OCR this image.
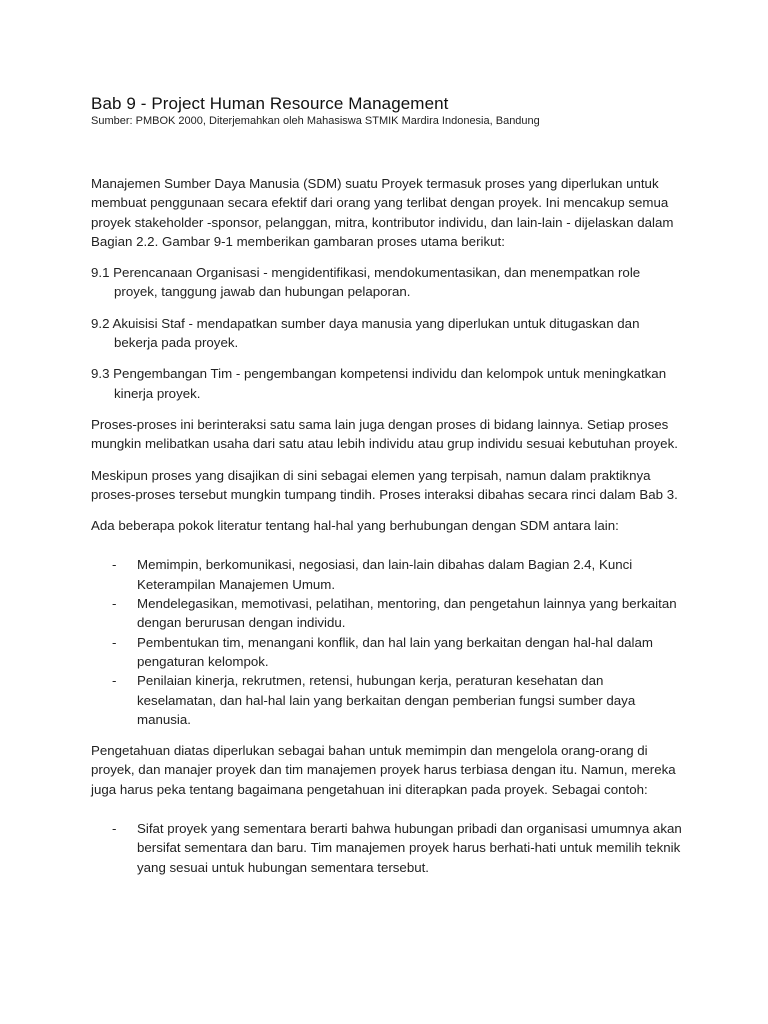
Bab 9 - Project Human Resource Management

Sumber: PMBOK 2000, Diterjemahkan oleh Mahasiswa STMIK Mardira Indonesia, Bandung

Manajemen Sumber Daya Manusia (SDM) suatu Proyek termasuk proses yang diperlukan untuk membuat penggunaan secara efektif dari orang yang terlibat dengan proyek. Ini mencakup semua proyek stakeholder -sponsor, pelanggan, mitra, kontributor individu, dan lain-lain - dijelaskan dalam Bagian 2.2. Gambar 9-1 memberikan gambaran proses utama berikut:

9.1 Perencanaan Organisasi - mengidentifikasi, mendokumentasikan, dan menempatkan role proyek, tanggung jawab dan hubungan pelaporan.

9.2 Akuisisi Staf - mendapatkan sumber daya manusia yang diperlukan untuk ditugaskan dan bekerja pada proyek.

9.3 Pengembangan Tim - pengembangan kompetensi individu dan kelompok untuk meningkatkan kinerja proyek.

Proses-proses ini berinteraksi satu sama lain juga dengan proses di bidang lainnya. Setiap proses mungkin melibatkan usaha dari satu atau lebih individu atau grup individu sesuai kebutuhan proyek.

Meskipun proses yang disajikan di sini sebagai elemen yang terpisah, namun dalam praktiknya proses-proses tersebut mungkin tumpang tindih. Proses interaksi dibahas secara rinci dalam Bab 3.

Ada beberapa pokok literatur tentang hal-hal yang berhubungan dengan SDM antara lain:

- Memimpin, berkomunikasi, negosiasi, dan lain-lain dibahas dalam Bagian 2.4, Kunci Keterampilan Manajemen Umum.
- Mendelegasikan, memotivasi, pelatihan, mentoring, dan pengetahun lainnya yang berkaitan dengan berurusan dengan individu.
- Pembentukan tim, menangani konflik, dan hal lain yang berkaitan dengan hal-hal dalam pengaturan kelompok.
- Penilaian kinerja, rekrutmen, retensi, hubungan kerja, peraturan kesehatan dan keselamatan, dan hal-hal lain yang berkaitan dengan pemberian fungsi sumber daya manusia.

Pengetahuan diatas diperlukan sebagai bahan untuk memimpin dan mengelola orang-orang di proyek, dan manajer proyek dan tim manajemen proyek harus terbiasa dengan itu. Namun, mereka juga harus peka tentang bagaimana pengetahuan ini diterapkan pada proyek. Sebagai contoh:

- Sifat proyek yang sementara berarti bahwa hubungan pribadi dan organisasi umumnya akan bersifat sementara dan baru. Tim manajemen proyek harus berhati-hati untuk memilih teknik yang sesuai untuk hubungan sementara tersebut.
